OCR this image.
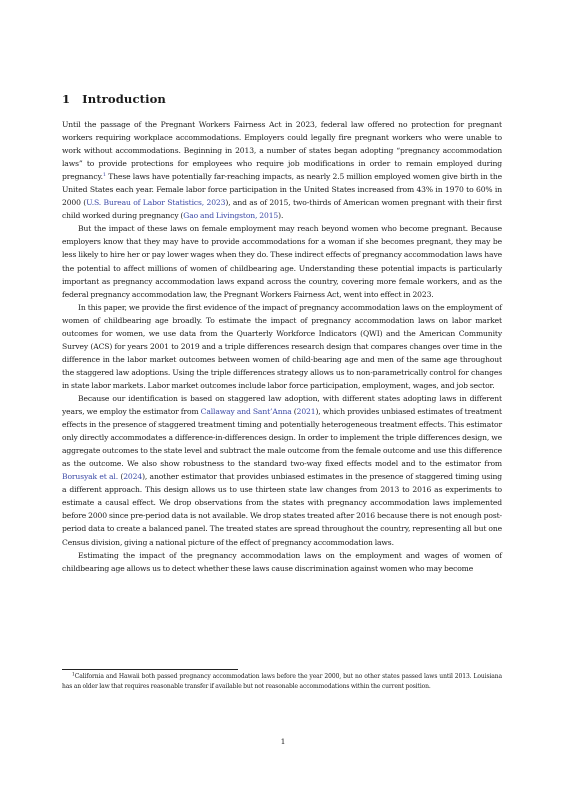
1 Introduction

Until the passage of the Pregnant Workers Fairness Act in 2023, federal law offered no protection for pregnant workers requiring workplace accommodations. Employers could legally fire pregnant workers who were unable to work without accommodations. Beginning in 2013, a number of states began adopting “pregnancy accommodation laws” to provide protections for employees who require job modifications in order to remain employed during pregnancy.$^1$ These laws have potentially far-reaching impacts, as nearly 2.5 million employed women give birth in the United States each year. Female labor force participation in the United States increased from 43% in 1970 to 60% in 2000 (U.S. Bureau of Labor Statistics, 2023), and as of 2015, two-thirds of American women pregnant with their first child worked during pregnancy (Gao and Livingston, 2015).

But the impact of these laws on female employment may reach beyond women who become pregnant. Because employers know that they may have to provide accommodations for a woman if she becomes pregnant, they may be less likely to hire her or pay lower wages when they do. These indirect effects of pregnancy accommodation laws have the potential to affect millions of women of childbearing age. Understanding these potential impacts is particularly important as pregnancy accommodation laws expand across the country, covering more female workers, and as the federal pregnancy accommodation law, the Pregnant Workers Fairness Act, went into effect in 2023.

In this paper, we provide the first evidence of the impact of pregnancy accommodation laws on the employment of women of childbearing age broadly. To estimate the impact of pregnancy accommodation laws on labor market outcomes for women, we use data from the Quarterly Workforce Indicators (QWI) and the American Community Survey (ACS) for years 2001 to 2019 and a triple differences research design that compares changes over time in the difference in the labor market outcomes between women of child-bearing age and men of the same age throughout the staggered law adoptions. Using the triple differences strategy allows us to non-parametrically control for changes in state labor markets. Labor market outcomes include labor force participation, employment, wages, and job sector.

Because our identification is based on staggered law adoption, with different states adopting laws in different years, we employ the estimator from Callaway and Sant’Anna (2021), which provides unbiased estimates of treatment effects in the presence of staggered treatment timing and potentially heterogeneous treatment effects. This estimator only directly accommodates a difference-in-differences design. In order to implement the triple differences design, we aggregate outcomes to the state level and subtract the male outcome from the female outcome and use this difference as the outcome. We also show robustness to the standard two-way fixed effects model and to the estimator from Borusyak et al. (2024), another estimator that provides unbiased estimates in the presence of staggered timing using a different approach. This design allows us to use thirteen state law changes from 2013 to 2016 as experiments to estimate a causal effect. We drop observations from the states with pregnancy accommodation laws implemented before 2000 since pre-period data is not available. We drop states treated after 2016 because there is not enough post-period data to create a balanced panel. The treated states are spread throughout the country, representing all but one Census division, giving a national picture of the effect of pregnancy accommodation laws.

Estimating the impact of the pregnancy accommodation laws on the employment and wages of women of childbearing age allows us to detect whether these laws cause discrimination against women who may become

$^1$California and Hawaii both passed pregnancy accommodation laws before the year 2000, but no other states passed laws until 2013. Louisiana has an older law that requires reasonable transfer if available but not reasonable accommodations within the current position.
1
